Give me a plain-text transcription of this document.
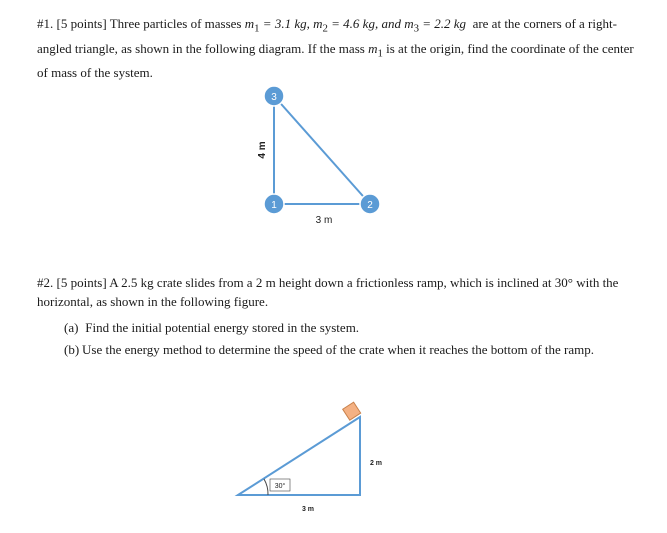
#1. [5 points] Three particles of masses $m_1 = 3.1$ kg, $m_2 = 4.6$ kg, and $m_3 = 2.2$ kg are at the corners of a right-angled triangle, as shown in the following diagram. If the mass $m_1$ is at the origin, find the coordinate of the center of mass of the system.
3
1	2
4 m
3 m
#2. [5 points] A 2.5 kg crate slides from a 2 m height down a frictionless ramp, which is inclined at 30° with the horizontal, as shown in the following figure.
(a) Find the initial potential energy stored in the system.
(b) Use the energy method to determine the speed of the crate when it reaches the bottom of the ramp.
30°
2 m
3 m
